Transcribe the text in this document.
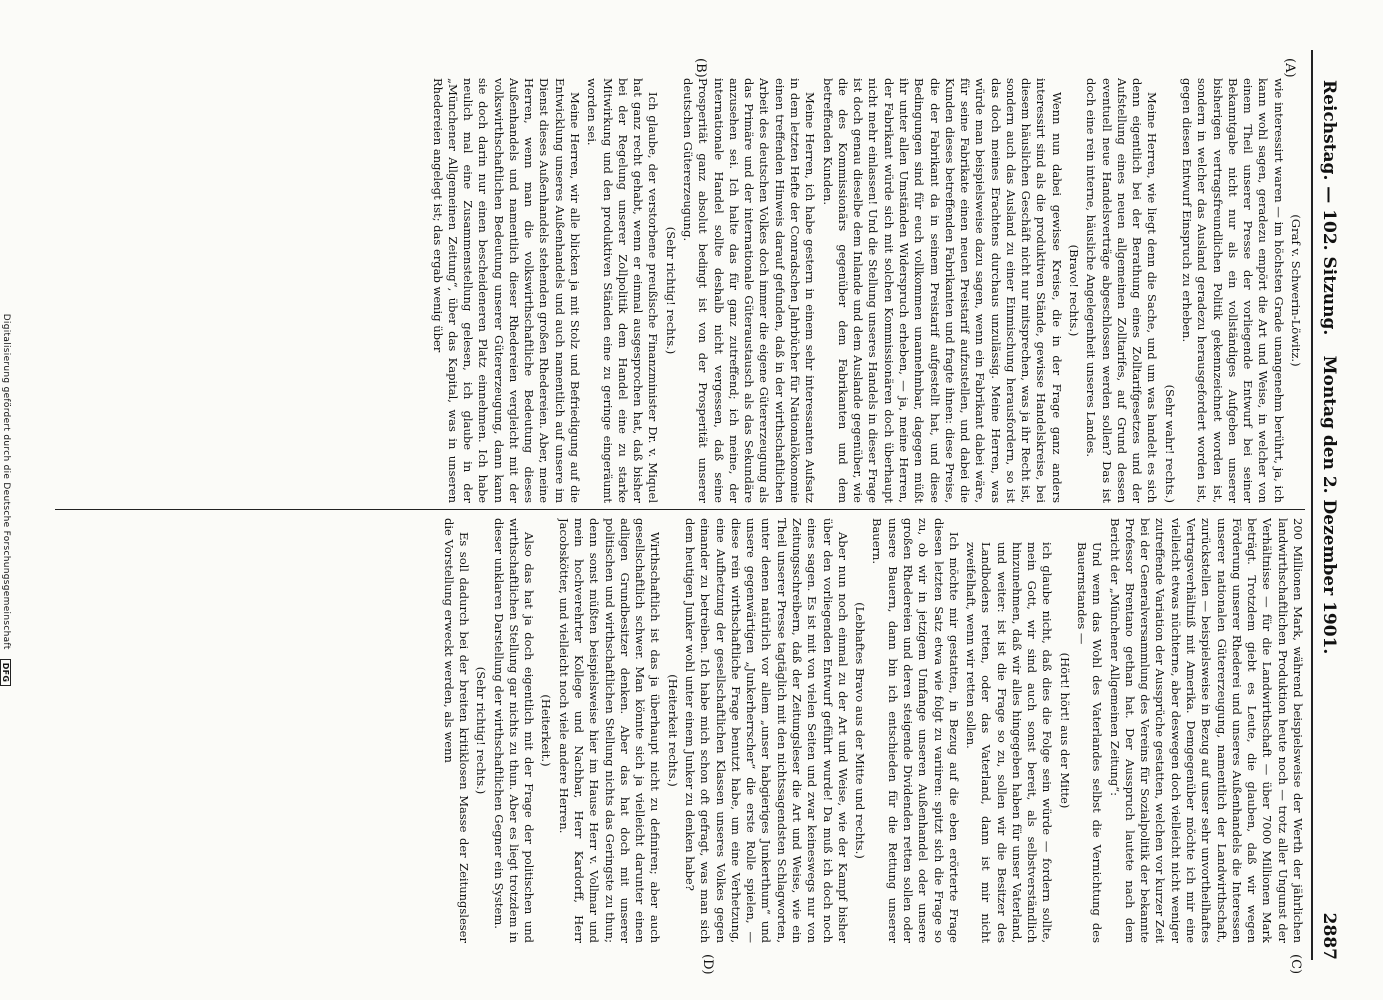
Reichstag. — 102. Sitzung.
Montag den 2. Dezember 1901.
2887
(A)
(B)
(C)
(D)

(Graf v. Schwerin-Löwitz.)

wie interessirt waren — im höchsten Grade unangenehm berührt, ja, ich kann wohl sagen, geradezu empört die Art und Weise, in welcher von einem Theil unserer Presse der vorliegende Entwurf bei seiner Bekanntgabe nicht nur als ein vollständiges Aufgeben unserer bisherigen vertragsfreundlichen Politik gekennzeichnet worden ist, sondern in welcher das Ausland geradezu herausgefordert worden ist, gegen diesen Entwurf Einspruch zu erheben.

(Sehr wahr! rechts.)

Meine Herren, wie liegt denn die Sache, und um was handelt es sich denn eigentlich bei der Berathung eines Zolltarifgesetzes und der Aufstellung eines neuen allgemeinen Zolltarifes, auf Grund dessen eventuell neue Handelsverträge abgeschlossen werden sollen? Das ist doch eine rein interne, häusliche Angelegenheit unseres Landes.

(Bravo! rechts.)

Wenn nun dabei gewisse Kreise, die in der Frage ganz anders interessirt sind als die produktiven Stände, gewisse Handelskreise, bei diesem häuslichen Geschäft nicht nur mitsprechen, was ja ihr Recht ist, sondern auch das Ausland zu einer Einmischung herausfordern, so ist das doch meines Erachtens durchaus unzulässig. Meine Herren, was würde man beispielsweise dazu sagen, wenn ein Fabrikant dabei wäre, für seine Fabrikate einen neuen Preistarif aufzustellen, und dabei die Kunden dieses betreffenden Fabrikanten und fragte ihnen: diese Preise, die der Fabrikant da in seinem Preistarif aufgestellt hat, und diese Bedingungen sind für euch vollkommen unannehmbar, dagegen müßt ihr unter allen Umständen Widerspruch erheben, — ja, meine Herren, der Fabrikant würde sich mit solchen Kommissionären doch überhaupt nicht mehr einlassen! Und die Stellung unseres Handels in dieser Frage ist doch genau dieselbe dem Inlande und dem Auslande gegenüber, wie die des Kommissionärs gegenüber dem Fabrikanten und dem betreffenden Kunden.

Meine Herren, ich habe gestern in einem sehr interessanten Aufsatz in dem letzten Hefte der Conradschen Jahrbücher für Nationalökonomie einen treffenden Hinweis darauf gefunden, daß in der wirthschaftlichen Arbeit des deutschen Volkes doch immer die eigene Gütererzeugung als das Primäre und der internationale Güteraustausch als das Sekundäre anzusehen sei. Ich halte das für ganz zutreffend; ich meine, der internationale Handel sollte deshalb nicht vergessen, daß seine Prosperität ganz absolut bedingt ist von der Prosperität unserer deutschen Gütererzeugung.

(Sehr richtig! rechts.)

Ich glaube, der verstorbene preußische Finanzminister Dr. v. Miquel hat ganz recht gehabt, wenn er einmal ausgesprochen hat, daß bisher bei der Regelung unserer Zollpolitik dem Handel eine zu starke Mitwirkung und den produktiven Ständen eine zu geringe eingeräumt worden sei.

Meine Herren, wir alle blicken ja mit Stolz und Befriedigung auf die Entwicklung unseres Außenhandels und auch namentlich auf unsere im Dienst dieses Außenhandels stehenden großen Rhedereien. Aber, meine Herren, wenn man die volkswirthschaftliche Bedeutung dieses Außenhandels und namentlich dieser Rhedereien vergleicht mit der volkswirthschaftlichen Bedeutung unserer Gütererzeugung, dann kann sie doch darin nur einen bescheideneren Platz einnehmen. Ich habe neulich mal eine Zusammenstellung gelesen, ich glaube in der „Münchener Allgemeinen Zeitung“, über das Kapital, was in unseren Rhedereien angelegt ist; das ergab wenig über

200 Millionen Mark, während beispielsweise der Werth der jährlichen landwirthschaftlichen Produktion heute noch — trotz aller Ungunst der Verhältnisse — für die Landwirthschaft — über 7000 Millionen Mark beträgt. Trotzdem giebt es Leute, die glauben, daß wir wegen Förderung unserer Rhederei und unseres Außenhandels die Interessen unserer nationalen Gütererzeugung, namentlich der Landwirthschaft, zurückstellen — beispielsweise in Bezug auf unser sehr unvortheilhaftes Vertragsverhältniß mit Amerika. Demgegenüber möchte ich mir eine vielleicht etwas nüchterne, aber deswegen doch vielleicht nicht weniger zutreffende Variation der Aussprüche gestatten, welchen vor kurzer Zeit bei der Generalversammlung des Vereins für Sozialpolitik der bekannte Professor Brentano gethan hat. Der Ausspruch lautete nach dem Bericht der „Münchener Allgemeinen Zeitung“:

Und wenn das Wohl des Vaterlandes selbst die Vernichtung des Bauernstandes —

(Hört! hört! aus der Mitte)

ich glaube nicht, daß dies die Folge sein würde — fordern sollte, mein Gott, wir sind auch sonst bereit, als selbstverständlich hinzunehmen, daß wir alles hingegeben haben für unser Vaterland, und weiter: ist ist die Frage so zu, sollen wir die Besitzer des Landbodens retten, oder das Vaterland, dann ist mir nicht zweifelhaft, wenn wir retten sollen.

Ich möchte mir gestatten, in Bezug auf die eben erörterte Frage diesen letzten Satz etwa wie folgt zu variiren: spitzt sich die Frage so zu, ob wir in jetzigem Umfange unseren Außenhandel oder unsere großen Rhedereien und deren steigende Dividenden retten sollen oder unsere Bauern, dann bin ich entschieden für die Rettung unserer Bauern.

(Lebhaftes Bravo aus der Mitte und rechts.)

Aber nun noch einmal zu der Art und Weise, wie der Kampf bisher über den vorliegenden Entwurf geführt wurde! Da muß ich doch noch eines sagen. Es ist mit von vielen Seiten und zwar keineswegs nur von Zeitungsschreibern, daß der Zeitungsleser die Art und Weise, wie ein Theil unserer Presse tagtäglich mit den nichtssagendsten Schlagworten, unter denen natürlich vor allem „unser habgieriges Junkerthum“ und unsere gegenwärtigen „Junkerherrscher“ die erste Rolle spielen, — diese rein wirthschaftliche Frage benutzt habe, um eine Verhetzung, eine Aufhetzung der gesellschaftlichen Klassen unseres Volkes gegen einander zu betreiben. Ich habe mich schon oft gefragt, was man sich dem heutigen Junker wohl unter einem Junker zu denken habe?

(Heiterkeit rechts.)

Wirthschaftlich ist das ja überhaupt nicht zu definiren; aber auch gesellschaftlich schwer. Man könnte sich ja vielleicht darunter einen adligen Grundbesitzer denken. Aber das hat doch mit unserer politischen und wirthschaftlichen Stellung nichts das Geringste zu thun; denn sonst müßten beispielsweise hier im Hause Herr v. Vollmar und mein hochverehrter Kollege und Nachbar, Herr Kardorff, Herr Jacobskötter, und vielleicht noch viele andere Herren.

(Heiterkeit.)

Also das hat ja doch eigentlich mit der Frage der politischen und wirthschaftlichen Stellung gar nichts zu thun. Aber es liegt trotzdem in dieser unklaren Darstellung der wirthschaftlichen Gegner ein System.

(Sehr richtig! rechts.)

Es soll dadurch bei der breiten kritiklosen Masse der Zeitungsleser die Vorstellung erweckt werden, als wenn

Digitalisierung gefördert durch die Deutsche Forschungsgemeinschaft DFG
